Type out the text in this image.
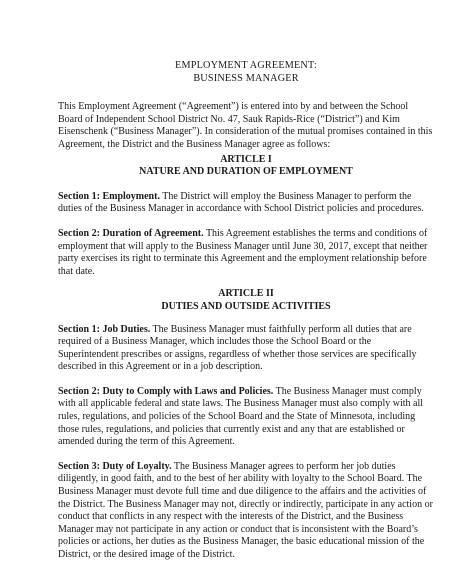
EMPLOYMENT AGREEMENT:
BUSINESS MANAGER
This Employment Agreement (“Agreement”) is entered into by and between the School Board of Independent School District No. 47, Sauk Rapids-Rice (“District”) and Kim Eisenschenk (“Business Manager”). In consideration of the mutual promises contained in this Agreement, the District and the Business Manager agree as follows:
ARTICLE I
NATURE AND DURATION OF EMPLOYMENT
Section 1: Employment. The District will employ the Business Manager to perform the duties of the Business Manager in accordance with School District policies and procedures.
Section 2: Duration of Agreement. This Agreement establishes the terms and conditions of employment that will apply to the Business Manager until June 30, 2017, except that neither party exercises its right to terminate this Agreement and the employment relationship before that date.
ARTICLE II
DUTIES AND OUTSIDE ACTIVITIES
Section 1: Job Duties. The Business Manager must faithfully perform all duties that are required of a Business Manager, which includes those the School Board or the Superintendent prescribes or assigns, regardless of whether those services are specifically described in this Agreement or in a job description.
Section 2: Duty to Comply with Laws and Policies. The Business Manager must comply with all applicable federal and state laws. The Business Manager must also comply with all rules, regulations, and policies of the School Board and the State of Minnesota, including those rules, regulations, and policies that currently exist and any that are established or amended during the term of this Agreement.
Section 3: Duty of Loyalty. The Business Manager agrees to perform her job duties diligently, in good faith, and to the best of her ability with loyalty to the School Board. The Business Manager must devote full time and due diligence to the affairs and the activities of the District. The Business Manager may not, directly or indirectly, participate in any action or conduct that conflicts in any respect with the interests of the District, and the Business Manager may not participate in any action or conduct that is inconsistent with the Board’s policies or actions, her duties as the Business Manager, the basic educational mission of the District, or the desired image of the District.
